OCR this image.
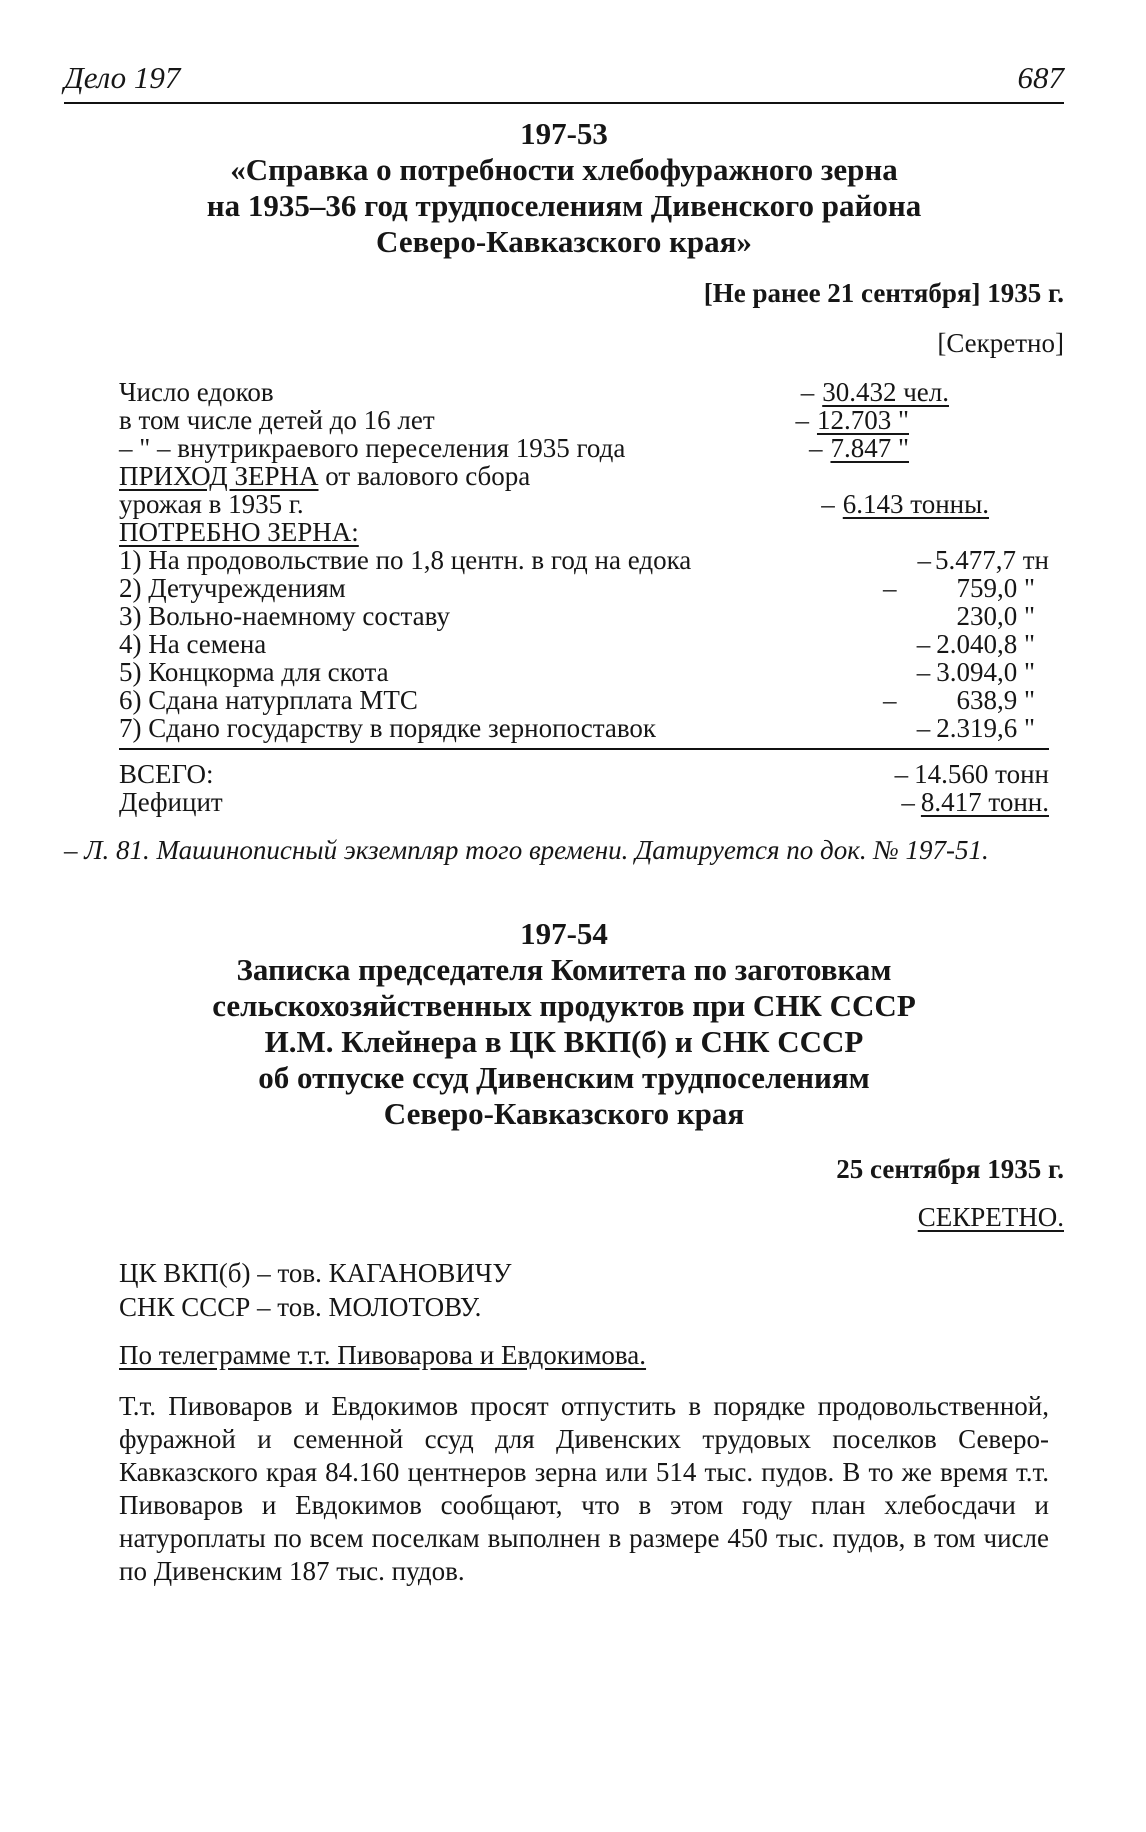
Дело 197	687
197-53
«Справка о потребности хлебофуражного зерна
на 1935–36 год трудпоселениям Дивенского района
Северо-Кавказского края»
[Не ранее 21 сентября] 1935 г.
[Секретно]
Число едоков	– 30.432 чел.
в том числе детей до 16 лет	– 12.703 "
– " – внутрикраевого переселения 1935 года	– 7.847 "
ПРИХОД ЗЕРНА от валового сбора
урожая в 1935 г.	– 6.143 тонны.
ПОТРЕБНО ЗЕРНА:
1) На продовольствие по 1,8 центн. в год на едока	– 5.477,7 тн
2) Детучреждениям	– 759,0 "
3) Вольно-наемному составу	230,0 "
4) На семена	– 2.040,8 "
5) Концкорма для скота	– 3.094,0 "
6) Сдана натурплата МТС	– 638,9 "
7) Сдано государству в порядке зернопоставок	– 2.319,6 "
ВСЕГО:	– 14.560 тонн
Дефицит	– 8.417 тонн.
– Л. 81. Машинописный экземпляр того времени. Датируется по док. № 197-51.
197-54
Записка председателя Комитета по заготовкам
сельскохозяйственных продуктов при СНК СССР
И.М. Клейнера в ЦК ВКП(б) и СНК СССР
об отпуске ссуд Дивенским трудпоселениям
Северо-Кавказского края
25 сентября 1935 г.
СЕКРЕТНО.
ЦК ВКП(б) – тов. КАГАНОВИЧУ
СНК СССР – тов. МОЛОТОВУ.
По телеграмме т.т. Пивоварова и Евдокимова.
Т.т. Пивоваров и Евдокимов просят отпустить в порядке продовольственной, фуражной и семенной ссуд для Дивенских трудовых поселков Северо-Кавказского края 84.160 центнеров зерна или 514 тыс. пудов. В то же время т.т. Пивоваров и Евдокимов сообщают, что в этом году план хлебосдачи и натуроплаты по всем поселкам выполнен в размере 450 тыс. пудов, в том числе по Дивенским 187 тыс. пудов.
